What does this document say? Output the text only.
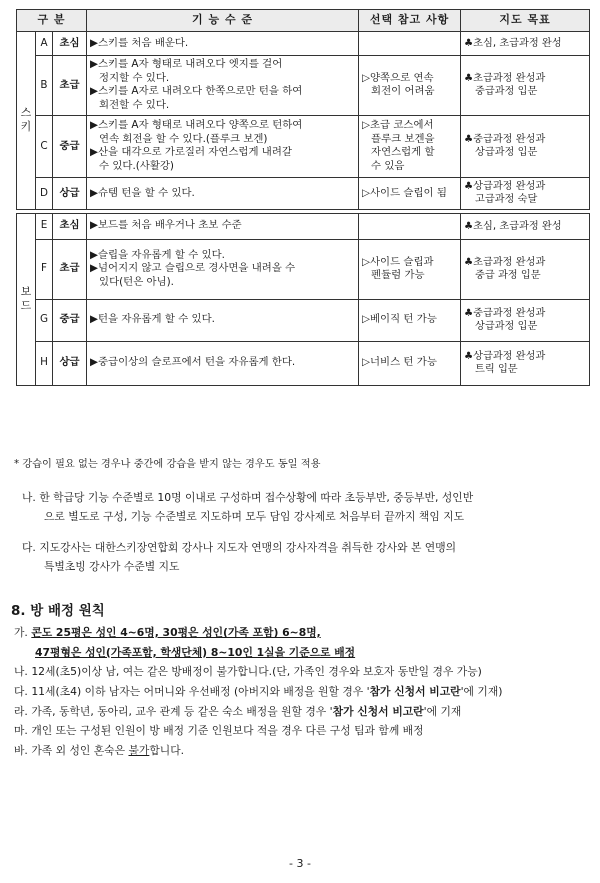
구 분			기 능 수 준	선택 참고 사항	지도 목표

스
키	A	초심	▶스키를 처음 배운다.		♣초심, 초급과정 완성

	B	초급	▶스키를 A자 형태로 내려오다 엣지를 걸어
정지할 수 있다.
▶스키를 A자로 내려오다 한쪽으로만 턴을 하여
회전할 수 있다.	▷양쪽으로 연속
회전이 어려움	♣초급과정 완성과
중급과정 입문

	C	중급	▶스키를 A자 형태로 내려오다 양쪽으로 턴하여
연속 회전을 할 수 있다.(플루크 보겐)
▶산을 대각으로 가로질러 자연스럽게 내려갈
수 있다.(사활강)	▷초급 코스에서
플루크 보겐을
자연스럽게 할
수 있음	♣중급과정 완성과
상급과정 입문

	D	상급	▶슈템 턴을 할 수 있다.	▷사이드 슬립이 됨	♣상급과정 완성과
고급과정 숙달

보
드	E	초심	▶보드를 처음 배우거나 초보 수준		♣초심, 초급과정 완성

	F	초급	▶슬립을 자유롭게 할 수 있다.
▶넘어지지 않고 슬립으로 경사면을 내려올 수
있다(턴은 아님).	▷사이드 슬립과
펜듈럼 가능	♣초급과정 완성과
중급 과정 입문

	G	중급	▶턴을 자유롭게 할 수 있다.	▷베이직 턴 가능	♣중급과정 완성과
상급과정 입문

	H	상급	▶중급이상의 슬로프에서 턴을 자유롭게 한다.	▷너비스 턴 가능	♣상급과정 완성과
트릭 입문
* 강습이 필요 없는 경우나 중간에 강습을 받지 않는 경우도 동일 적용
나. 한 학급당 기능 수준별로 10명 이내로 구성하며 접수상황에 따라 초등부반, 중등부반, 성인반
으로 별도로 구성, 기능 수준별로 지도하며 모두 담임 강사제로 처음부터 끝까지 책임 지도
다. 지도강사는 대한스키장연합회 강사나 지도자 연맹의 강사자격을 취득한 강사와 본 연맹의
특별초빙 강사가 수준별 지도
8. 방 배정 원칙
가. 콘도 25평은 성인 4~6명, 30평은 성인(가족 포함) 6~8명,
47평형은 성인(가족포함, 학생단체) 8~10인 1실을 기준으로 배정
나. 12세(초5)이상 남, 여는 같은 방배정이 불가합니다.(단, 가족인 경우와 보호자 동반일 경우 가능)
다. 11세(초4) 이하 남자는 어머니와 우선배정 (아버지와 배정을 원할 경우 '참가 신청서 비고란'에 기재)
라. 가족, 동학년, 동아리, 교우 관계 등 같은 숙소 배정을 원할 경우 '참가 신청서 비고란'에 기재
마. 개인 또는 구성된 인원이 방 배정 기준 인원보다 적을 경우 다른 구성 팀과 함께 배정
바. 가족 외 성인 혼숙은 불가합니다.
- 3 -
